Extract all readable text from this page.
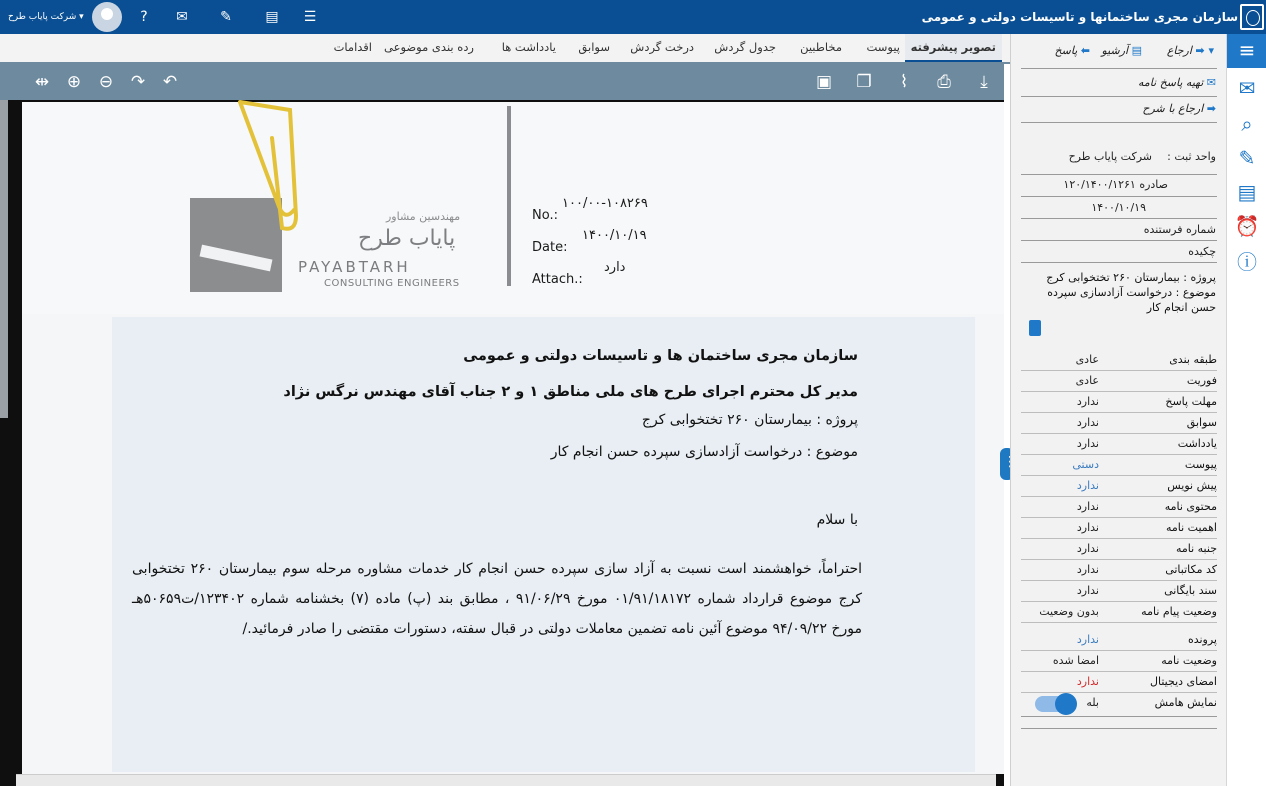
سازمان مجری ساختمانها و تاسیسات دولتی و عمومی
☰
▤
✎
✉
?
▾ شرکت پایاب طرح
تصویر پیشرفته
پیوست
مخاطبین
جدول گردش
درخت گردش
سوابق
یادداشت ها
رده بندی موضوعی
اقدامات
⤓
⎙
⌇
❐
▣
↶
↷
⊖
⊕
⇹
مهندسین مشاور
پایاب طرح
PAYABTARH
CONSULTING ENGINEERS
No.:
۱۰۰/۰۰-۱۰۸۲۶۹
Date:
۱۴۰۰/۱۰/۱۹
Attach.:
دارد
سازمان مجری ساختمان ها و تاسیسات دولتی و عمومی
مدیر کل محترم اجرای طرح های ملی مناطق ۱ و ۲ جناب آقای مهندس نرگس نژاد
پروژه : بیمارستان ۲۶۰ تختخوابی کرج
موضوع : درخواست آزادسازی سپرده حسن انجام کار
با سلام
احتراماً، خواهشمند است نسبت به آزاد سازی سپرده حسن انجام کار خدمات مشاوره مرحله سوم بیمارستان ۲۶۰ تختخوابی کرج موضوع قرارداد شماره ۰۱/۹۱/۱۸۱۷۲ مورخ ۹۱/۰۶/۲۹ ، مطابق بند (پ) ماده (۷) بخشنامه شماره ۱۲۳۴۰۲/ت۵۰۶۵۹هـ مورخ ۹۴/۰۹/۲۲ موضوع آئین نامه تضمین معاملات دولتی در قبال سفته، دستورات مقتضی را صادر فرمائید./
⋮
▾ ➡ ارجاع
▤ آرشیو
⬅ پاسخ
✉ تهیه پاسخ نامه
➡ ارجاع با شرح
واحد ثبت :
شرکت پایاب طرح
صادره ۱۲۰/۱۴۰۰/۱۲۶۱
۱۴۰۰/۱۰/۱۹
شماره فرستنده
چکیده
پروژه : بیمارستان ۲۶۰ تختخوابی کرج
موضوع : درخواست آزادسازی سپرده
حسن انجام کار
طبقه بندی
عادی
فوریت
عادی
مهلت پاسخ
ندارد
سوابق
ندارد
یادداشت
ندارد
پیوست
دستی
پیش نویس
ندارد
محتوی نامه
ندارد
اهمیت نامه
ندارد
جنبه نامه
ندارد
کد مکاتباتی
ندارد
سند بایگانی
ندارد
وضعیت پیام نامه
بدون وضعیت
پرونده
ندارد
وضعیت نامه
امضا شده
امضای دیجیتال
ندارد
نمایش هامش
بله
≡
✉
⌕
✎
▤
⏰
ⓘ
